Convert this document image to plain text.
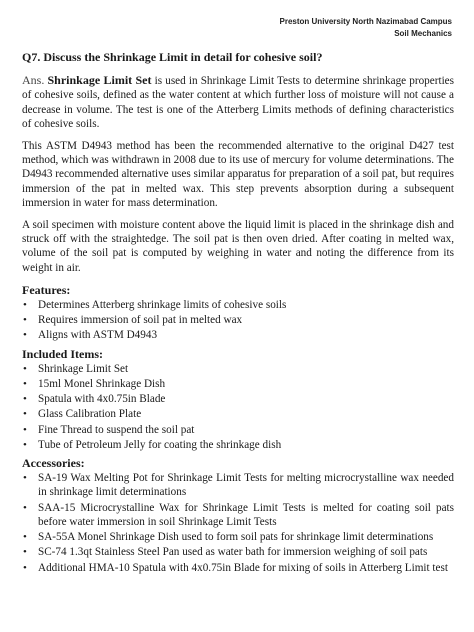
Preston University North Nazimabad Campus
Soil Mechanics
Q7. Discuss the Shrinkage Limit in detail for cohesive soil?

Ans. Shrinkage Limit Set is used in Shrinkage Limit Tests to determine shrinkage properties of cohesive soils, defined as the water content at which further loss of moisture will not cause a decrease in volume. The test is one of the Atterberg Limits methods of defining characteristics of cohesive soils.

This ASTM D4943 method has been the recommended alternative to the original D427 test method, which was withdrawn in 2008 due to its use of mercury for volume determinations. The D4943 recommended alternative uses similar apparatus for preparation of a soil pat, but requires immersion of the pat in melted wax. This step prevents absorption during a subsequent immersion in water for mass determination.

A soil specimen with moisture content above the liquid limit is placed in the shrinkage dish and struck off with the straightedge. The soil pat is then oven dried. After coating in melted wax, volume of the soil pat is computed by weighing in water and noting the difference from its weight in air.

Features:
• Determines Atterberg shrinkage limits of cohesive soils
• Requires immersion of soil pat in melted wax
• Aligns with ASTM D4943
Included Items:
• Shrinkage Limit Set
• 15ml Monel Shrinkage Dish
• Spatula with 4x0.75in Blade
• Glass Calibration Plate
• Fine Thread to suspend the soil pat
• Tube of Petroleum Jelly for coating the shrinkage dish
Accessories:
• SA-19 Wax Melting Pot for Shrinkage Limit Tests for melting microcrystalline wax needed in shrinkage limit determinations
• SAA-15 Microcrystalline Wax for Shrinkage Limit Tests is melted for coating soil pats before water immersion in soil Shrinkage Limit Tests
• SA-55A Monel Shrinkage Dish used to form soil pats for shrinkage limit determinations
• SC-74 1.3qt Stainless Steel Pan used as water bath for immersion weighing of soil pats
• Additional HMA-10 Spatula with 4x0.75in Blade for mixing of soils in Atterberg Limit test
